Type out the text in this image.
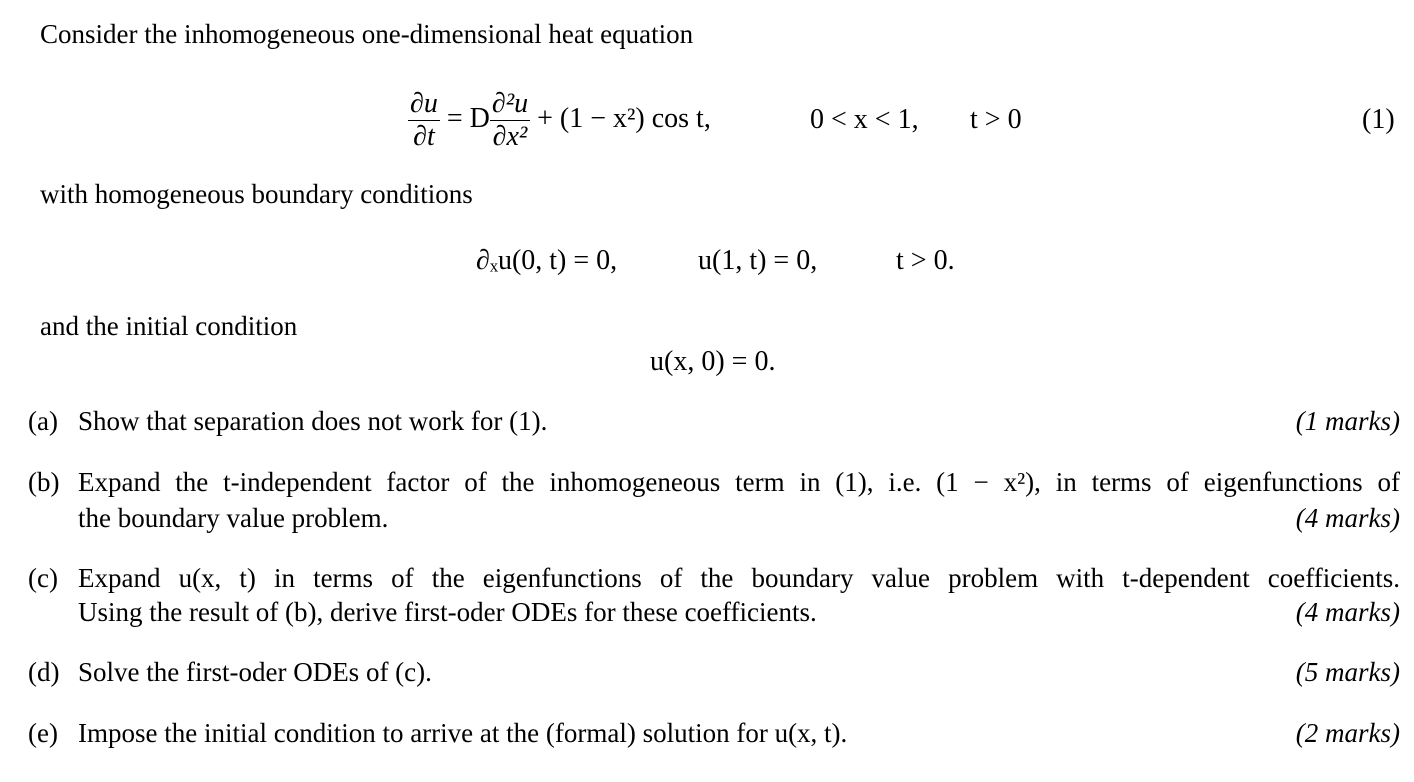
Consider the inhomogeneous one-dimensional heat equation
$\frac{\partial u}{\partial t} = D \frac{\text{∂²u}}{\text{∂x²}} + (1 - x^2)$ cos t,	0 < x < 1, t > 0	(1)
with homogeneous boundary conditions
∂ₓu(0, t) = 0,	u(1, t) = 0,	t > 0.
and the initial condition
u(x, 0) = 0.
(a) Show that separation does not work for (1).	(1 marks)
(b) Expand the t-independent factor of the inhomogeneous term in (1), i.e. (1 − x²), in terms of eigenfunctions of
the boundary value problem.	(4 marks)
(c) Expand u(x, t) in terms of the eigenfunctions of the boundary value problem with t-dependent coefficients.
Using the result of (b), derive first-oder ODEs for these coefficients.	(4 marks)
(d) Solve the first-oder ODEs of (c).	(5 marks)
(e) Impose the initial condition to arrive at the (formal) solution for u(x, t).	(2 marks)
